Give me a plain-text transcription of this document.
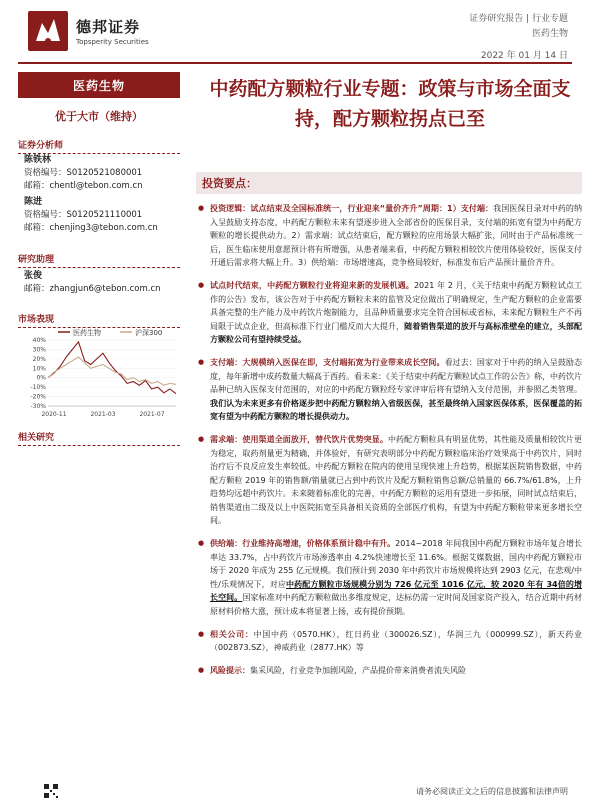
德邦证券
Topsperity Securities
证券研究报告 | 行业专题
医药生物
2022 年 01 月 14 日
医药生物
优于大市（维持）
证券分析师
陈铁林
资格编号：S0120521080001
邮箱：chentl@tebon.com.cn
陈进
资格编号：S0120521110001
邮箱：chenjing3@tebon.com.cn
研究助理
张俊
邮箱：zhangjun6@tebon.com.cn
市场表现
医药生物	沪深300
40%
30%
20%
10%
0%
-10%
-20%
-30%
2020-11	2021-03	2021-07
相关研究
中药配方颗粒行业专题：政策与市场全面支持，配方颗粒拐点已至
投资要点：
● 投资逻辑：试点结束及全国标准统一，行业迎来“量价齐升”周期：1）支付端：我国医保目录对中药的纳入呈鼓励支持态度，中药配方颗粒未来有望逐步进入全部省份的医保目录，支付端的拓宽有望为中药配方颗粒的增长提供动力。2）需求端：试点结束后，配方颗粒的应用场景大幅扩张，同时由于产品标准统一后，医生临床使用意愿预计将有所增强，从患者端来看，中药配方颗粒相较饮片使用体验较好，医保支付开通后需求将大幅上升。3）供给端：市场增速高，竞争格局较好，标准发布后产品预计量价齐升。
● 试点时代结束，中药配方颗粒行业将迎来新的发展机遇。2021 年 2 月，《关于结束中药配方颗粒试点工作的公告》发布，该公告对于中药配方颗粒未来的监管及定位做出了明确规定，生产配方颗粒的企业需要具备完整的生产能力及中药饮片炮制能力，且品种质量要求完全符合国标或省标，未来配方颗粒生产不再局限于试点企业，但高标准下行业门槛反而大大提升，随着销售渠道的放开与高标准壁垒的建立，头部配方颗粒公司有望持续受益。
● 支付端：大规模纳入医保在即，支付端拓宽为行业带来成长空间。看过去：国家对于中药的纳入呈鼓励态度，每年新增中成药数量大幅高于西药。看未来：《关于结束中药配方颗粒试点工作的公告》称，中药饮片品种已纳入医保支付范围的，对应的中药配方颗粒经专家评审后将有望纳入支付范围，并参照乙类管理。我们认为未来更多有价格逐步把中药配方颗粒纳入省级医保，甚至最终纳入国家医保体系，医保覆盖的拓宽有望为中药配方颗粒的增长提供动力。
● 需求端：使用渠道全面放开，替代饮片优势突显。中药配方颗粒具有明显优势，其性能及质量相较饮片更为稳定，取药剂量更为精确，并体验好，有研究表明部分中药配方颗粒临床治疗效果高于中药饮片，同时治疗后不良反应发生率较低。中药配方颗粒在院内的使用呈现快速上升趋势，根据某医院销售数据，中药配方颗粒 2019 年的销售额/销量就已占到中药饮片及配方颗粒销售总额/总销量的 66.7%/61.8%，上升趋势均远超中药饮片。未来随着标准化的完善，中药配方颗粒的运用有望进一步拓展，同时试点结束后，销售渠道由二级及以上中医院拓宽至具备相关资质的全部医疗机构，有望为中药配方颗粒带来更多增长空间。
● 供给端：行业维持高增速，价格体系预计稳中有升。2014~2018 年间我国中药配方颗粒市场年复合增长率达 33.7%，占中药饮片市场渗透率由 4.2%快速增长至 11.6%。根据艾媒数据，国内中药配方颗粒市场于 2020 年成为 255 亿元规模。我们预计到 2030 年中药饮片市场规模将达到 2903 亿元，在悲观/中性/乐观情况下，对应中药配方颗粒市场规模分别为 726 亿元至 1016 亿元，较 2020 年有 34倍的增长空间。国家标准对中药配方颗粒做出多维度规定，达标仍需一定时间及国家资产投入，结合近期中药材原材料价格大涨，预计成本将显著上扬，或有提价预期。
● 相关公司：中国中药（0570.HK），红日药业（300026.SZ），华润三九（000999.SZ），新天药业（002873.SZ），神威药业（2877.HK）等
● 风险提示：集采风险，行业竞争加剧风险，产品提价带来消费者流失风险
请务必阅读正文之后的信息披露和法律声明
